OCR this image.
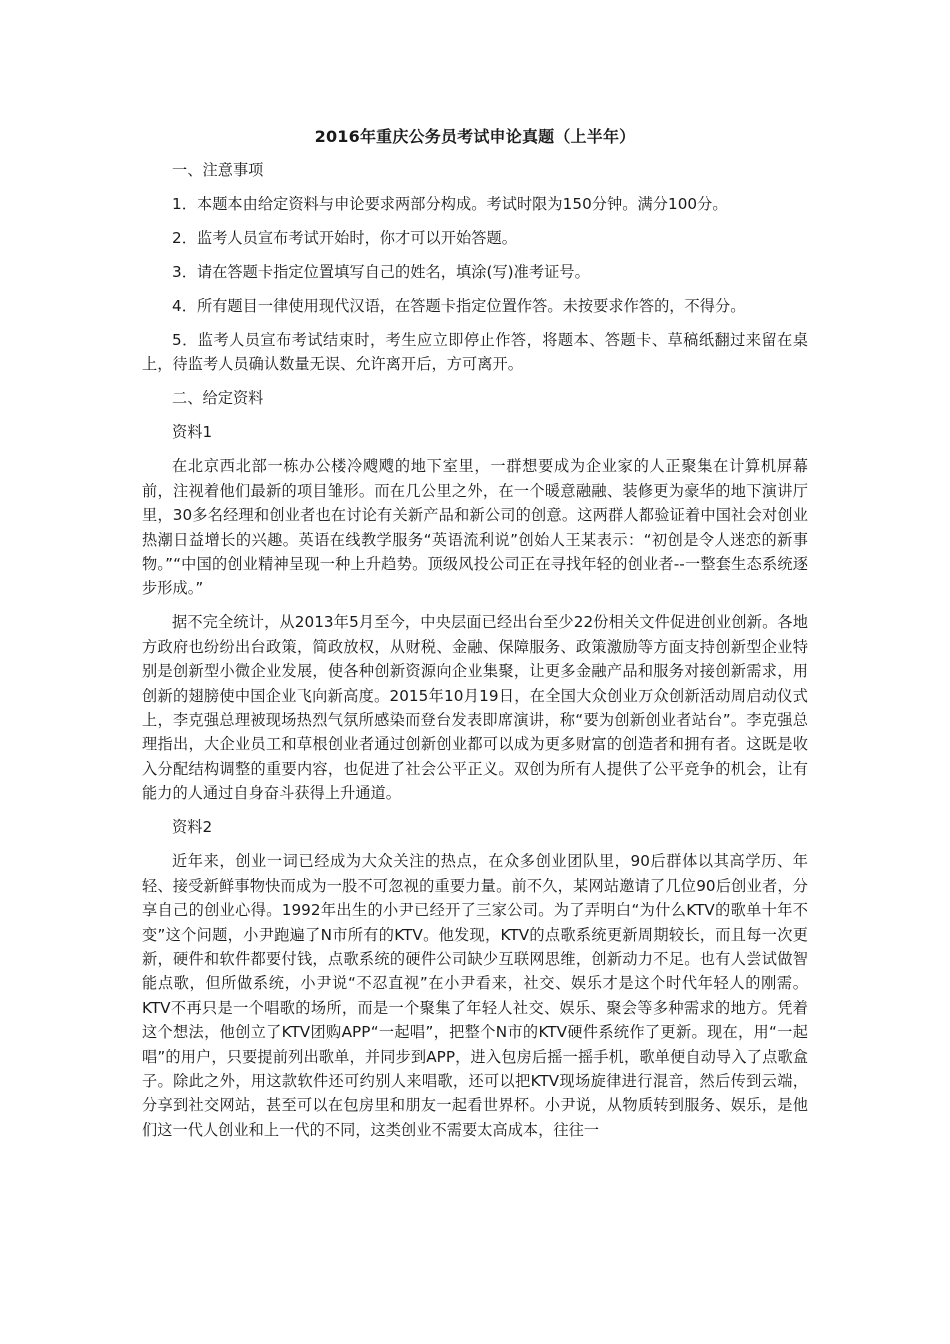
2016年重庆公务员考试申论真题（上半年）

一、注意事项

1．本题本由给定资料与申论要求两部分构成。考试时限为150分钟。满分100分。

2．监考人员宣布考试开始时，你才可以开始答题。

3．请在答题卡指定位置填写自己的姓名，填涂(写)准考证号。

4．所有题目一律使用现代汉语，在答题卡指定位置作答。未按要求作答的，不得分。

5．监考人员宣布考试结束时，考生应立即停止作答，将题本、答题卡、草稿纸翻过来留在桌上，待监考人员确认数量无误、允许离开后，方可离开。

二、给定资料

资料1

在北京西北部一栋办公楼冷飕飕的地下室里，一群想要成为企业家的人正聚集在计算机屏幕前，注视着他们最新的项目雏形。而在几公里之外，在一个暖意融融、装修更为豪华的地下演讲厅里，30多名经理和创业者也在讨论有关新产品和新公司的创意。这两群人都验证着中国社会对创业热潮日益增长的兴趣。英语在线教学服务“英语流利说”创始人王某表示：“初创是令人迷恋的新事物。”“中国的创业精神呈现一种上升趋势。顶级风投公司正在寻找年轻的创业者--一整套生态系统逐步形成。”

据不完全统计，从2013年5月至今，中央层面已经出台至少22份相关文件促进创业创新。各地方政府也纷纷出台政策，简政放权，从财税、金融、保障服务、政策激励等方面支持创新型企业特别是创新型小微企业发展，使各种创新资源向企业集聚，让更多金融产品和服务对接创新需求，用创新的翅膀使中国企业飞向新高度。2015年10月19日，在全国大众创业万众创新活动周启动仪式上，李克强总理被现场热烈气氛所感染而登台发表即席演讲，称“要为创新创业者站台”。李克强总理指出，大企业员工和草根创业者通过创新创业都可以成为更多财富的创造者和拥有者。这既是收入分配结构调整的重要内容，也促进了社会公平正义。双创为所有人提供了公平竞争的机会，让有能力的人通过自身奋斗获得上升通道。

资料2

近年来，创业一词已经成为大众关注的热点，在众多创业团队里，90后群体以其高学历、年轻、接受新鲜事物快而成为一股不可忽视的重要力量。前不久，某网站邀请了几位90后创业者，分享自己的创业心得。1992年出生的小尹已经开了三家公司。为了弄明白“为什么KTV的歌单十年不变”这个问题，小尹跑遍了N市所有的KTV。他发现，KTV的点歌系统更新周期较长，而且每一次更新，硬件和软件都要付钱，点歌系统的硬件公司缺少互联网思维，创新动力不足。也有人尝试做智能点歌，但所做系统，小尹说“不忍直视”在小尹看来，社交、娱乐才是这个时代年轻人的刚需。KTV不再只是一个唱歌的场所，而是一个聚集了年轻人社交、娱乐、聚会等多种需求的地方。凭着这个想法，他创立了KTV团购APP“一起唱”，把整个N市的KTV硬件系统作了更新。现在，用“一起唱”的用户，只要提前列出歌单，并同步到APP，进入包房后摇一摇手机，歌单便自动导入了点歌盒子。除此之外，用这款软件还可约别人来唱歌，还可以把KTV现场旋律进行混音，然后传到云端，分享到社交网站，甚至可以在包房里和朋友一起看世界杯。小尹说，从物质转到服务、娱乐，是他们这一代人创业和上一代的不同，这类创业不需要太高成本，往往一
